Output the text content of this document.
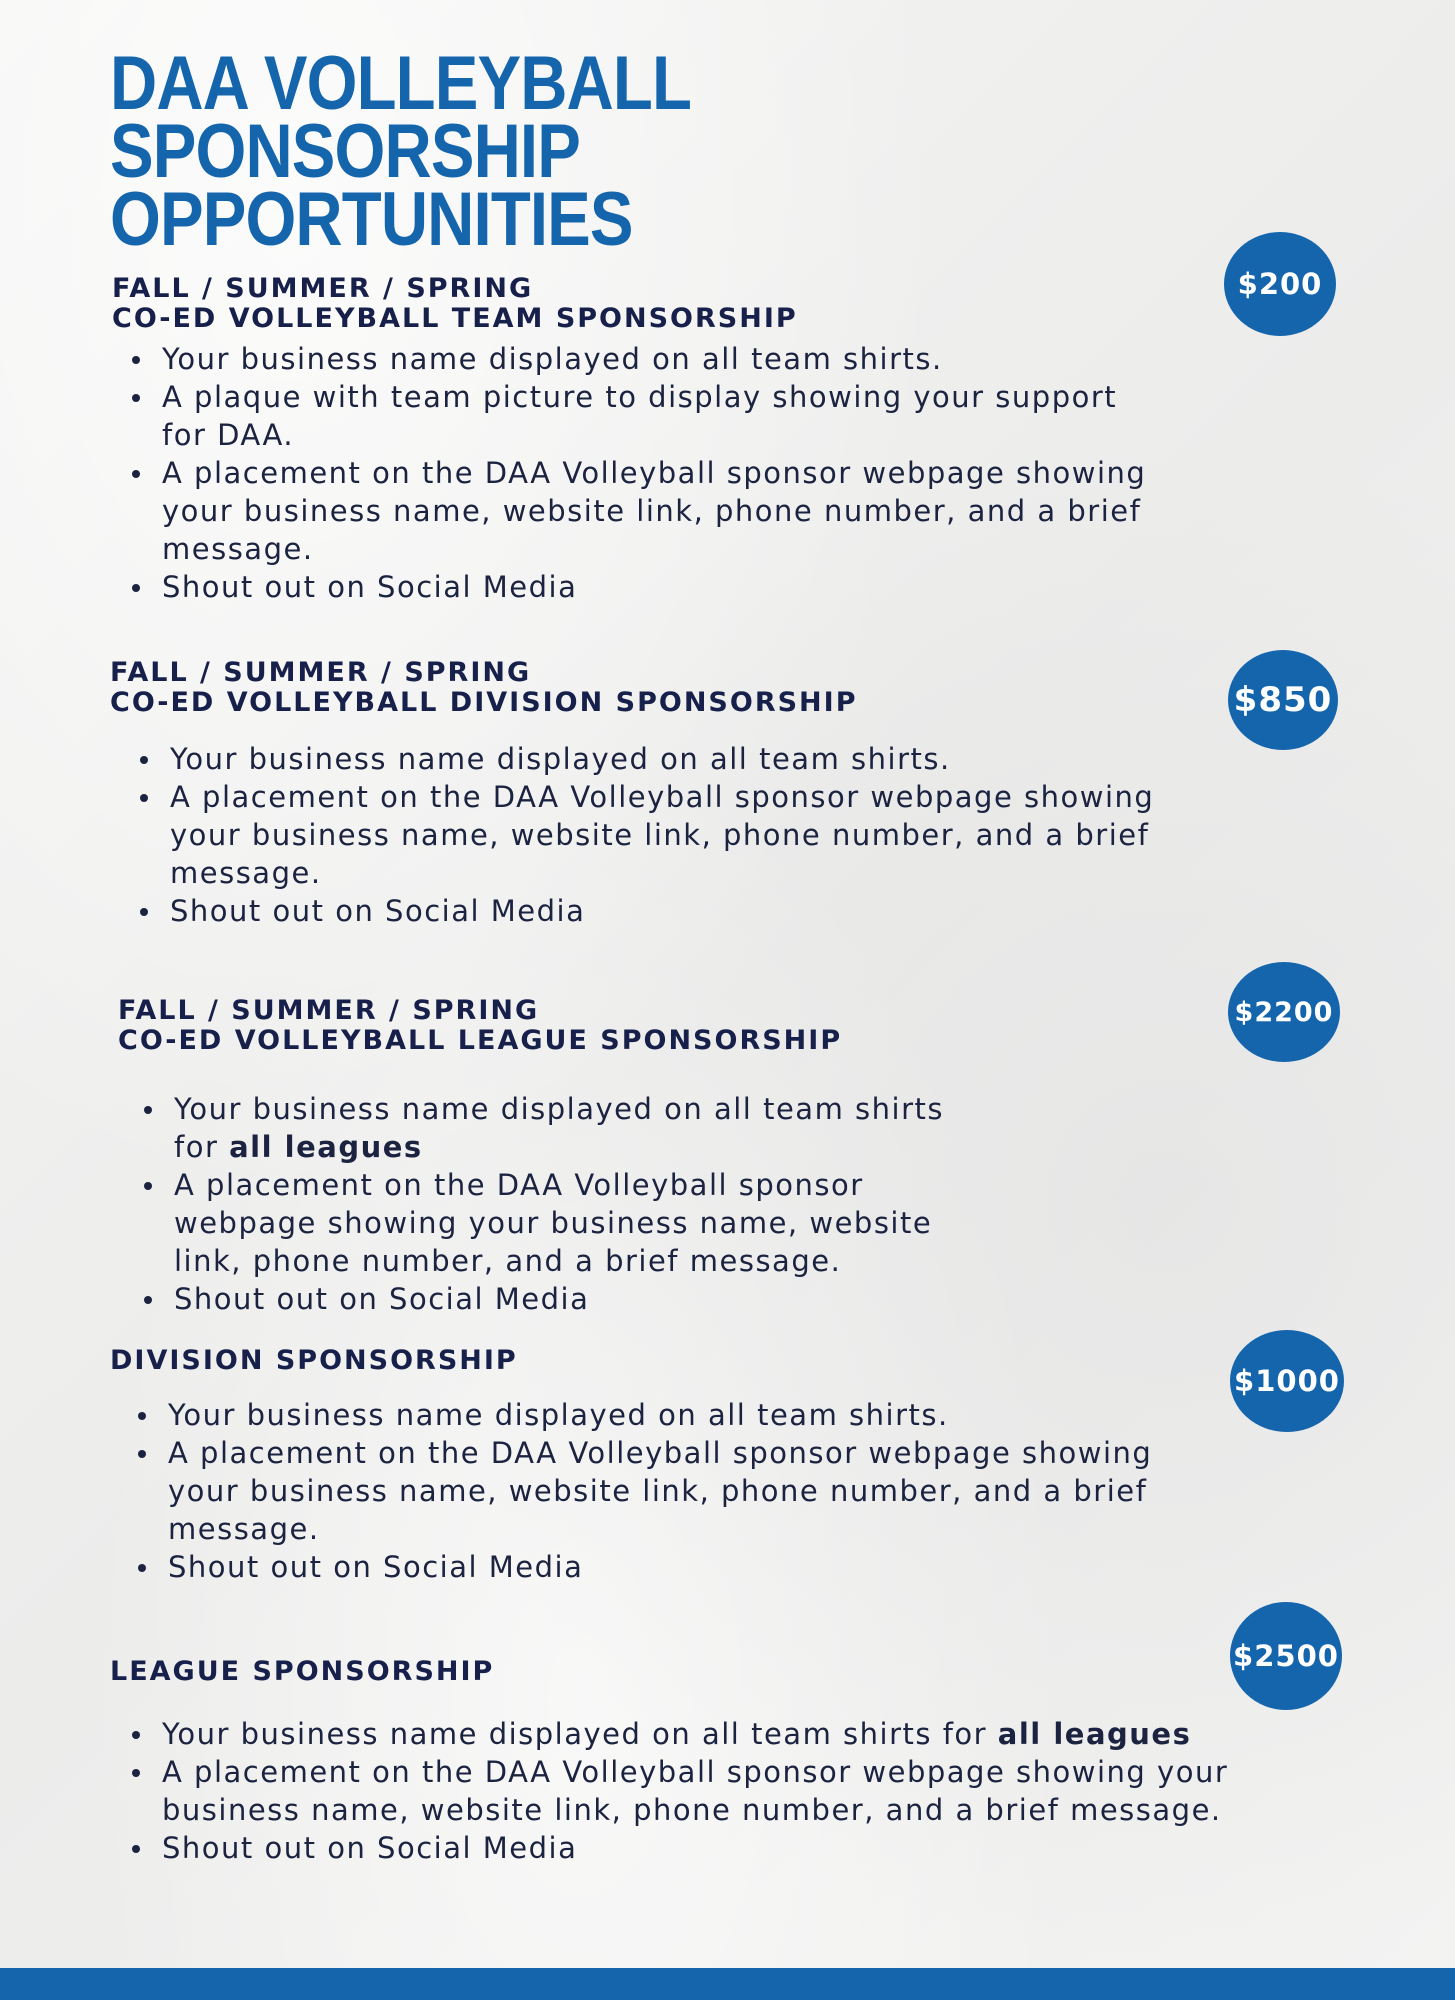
DAA VOLLEYBALL SPONSORSHIP
OPPORTUNITIES
FALL / SUMMER / SPRING
CO-ED VOLLEYBALL TEAM SPONSORSHIP
Your business name displayed on all team shirts.
A plaque with team picture to display showing your support for DAA.
A placement on the DAA Volleyball sponsor webpage showing your business name, website link, phone number, and a brief message.
Shout out on Social Media
$200
FALL / SUMMER / SPRING
CO-ED VOLLEYBALL DIVISION SPONSORSHIP
Your business name displayed on all team shirts.
A placement on the DAA Volleyball sponsor webpage showing your business name, website link, phone number, and a brief message.
Shout out on Social Media
$850
FALL / SUMMER / SPRING
CO-ED VOLLEYBALL LEAGUE SPONSORSHIP
Your business name displayed on all team shirts for all leagues
A placement on the DAA Volleyball sponsor webpage showing your business name, website link, phone number, and a brief message.
Shout out on Social Media
$2200
DIVISION SPONSORSHIP
Your business name displayed on all team shirts.
A placement on the DAA Volleyball sponsor webpage showing your business name, website link, phone number, and a brief message.
Shout out on Social Media
$1000
LEAGUE SPONSORSHIP
Your business name displayed on all team shirts for all leagues
A placement on the DAA Volleyball sponsor webpage showing your business name, website link, phone number, and a brief message.
Shout out on Social Media
$2500
